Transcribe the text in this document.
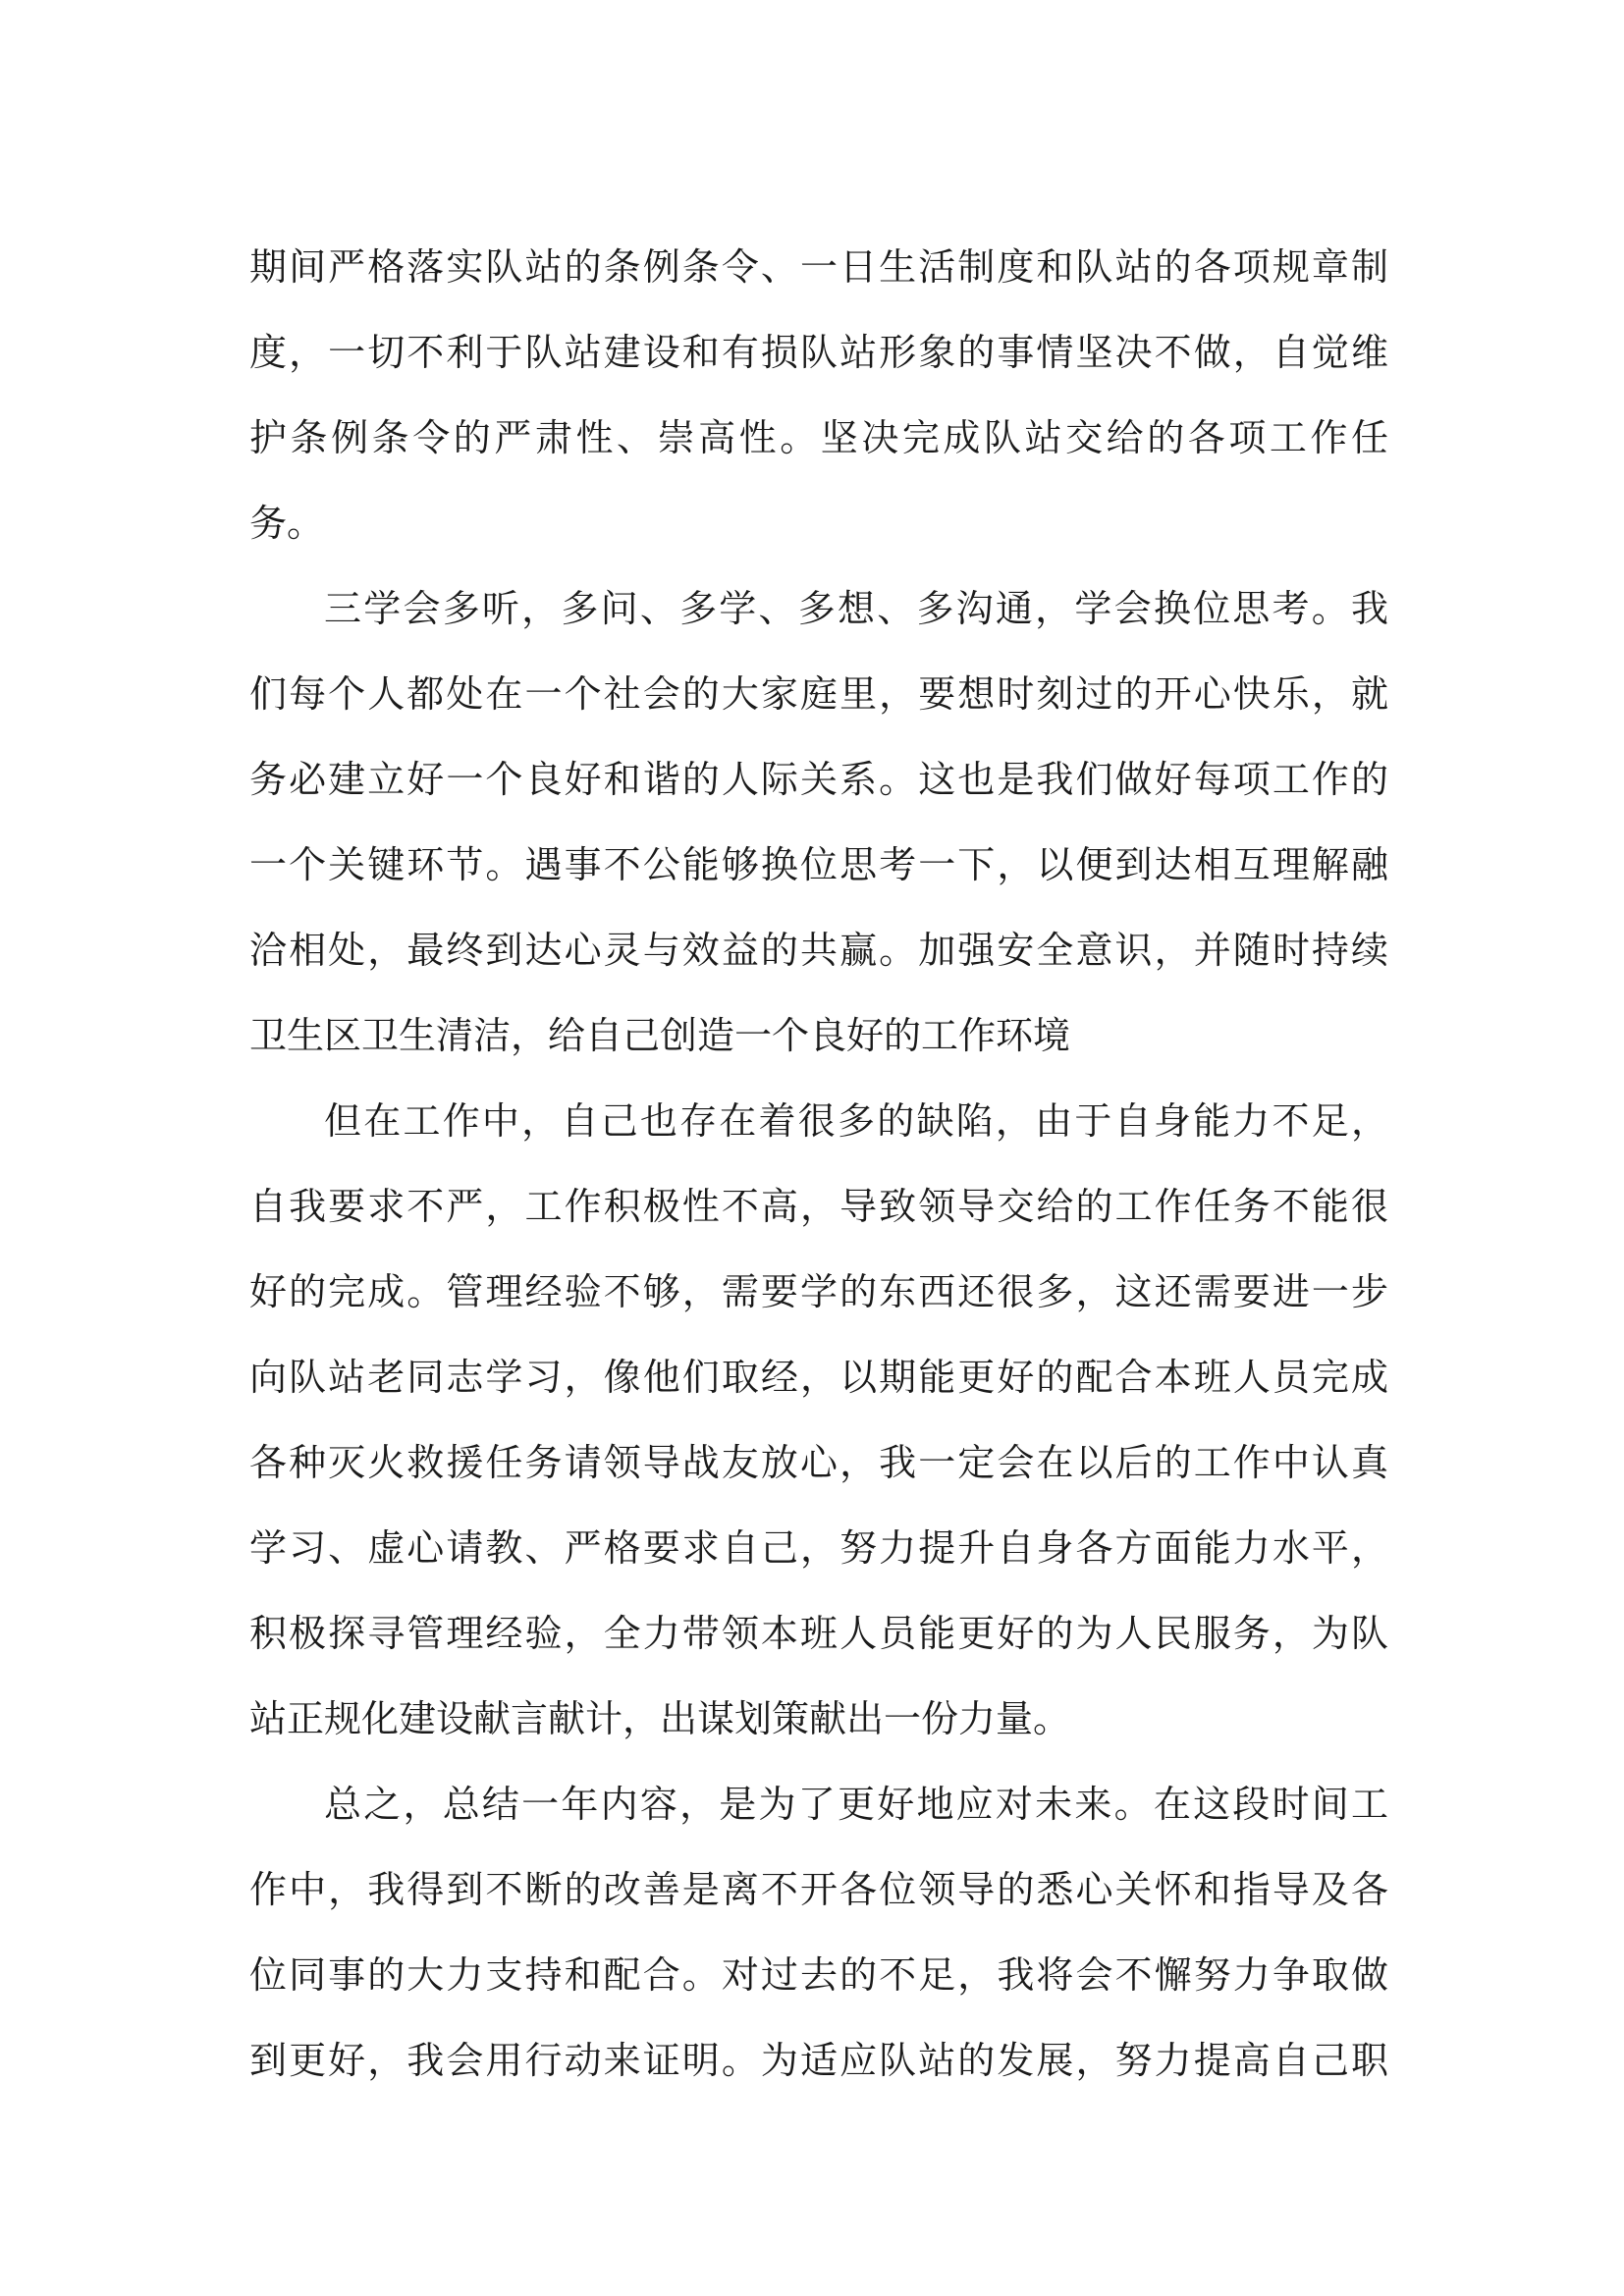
期间严格落实队站的条例条令、一日生活制度和队站的各项规章制

度，一切不利于队站建设和有损队站形象的事情坚决不做，自觉维

护条例条令的严肃性、崇高性。坚决完成队站交给的各项工作任

务。

三学会多听，多问、多学、多想、多沟通，学会换位思考。我

们每个人都处在一个社会的大家庭里，要想时刻过的开心快乐，就

务必建立好一个良好和谐的人际关系。这也是我们做好每项工作的

一个关键环节。遇事不公能够换位思考一下，以便到达相互理解融

洽相处，最终到达心灵与效益的共赢。加强安全意识，并随时持续

卫生区卫生清洁，给自己创造一个良好的工作环境

但在工作中，自己也存在着很多的缺陷，由于自身能力不足，

自我要求不严，工作积极性不高，导致领导交给的工作任务不能很

好的完成。管理经验不够，需要学的东西还很多，这还需要进一步

向队站老同志学习，像他们取经，以期能更好的配合本班人员完成

各种灭火救援任务请领导战友放心，我一定会在以后的工作中认真

学习、虚心请教、严格要求自己，努力提升自身各方面能力水平，

积极探寻管理经验，全力带领本班人员能更好的为人民服务，为队

站正规化建设献言献计，出谋划策献出一份力量。

总之，总结一年内容，是为了更好地应对未来。在这段时间工

作中，我得到不断的改善是离不开各位领导的悉心关怀和指导及各

位同事的大力支持和配合。对过去的不足，我将会不懈努力争取做

到更好，我会用行动来证明。为适应队站的发展，努力提高自己职
